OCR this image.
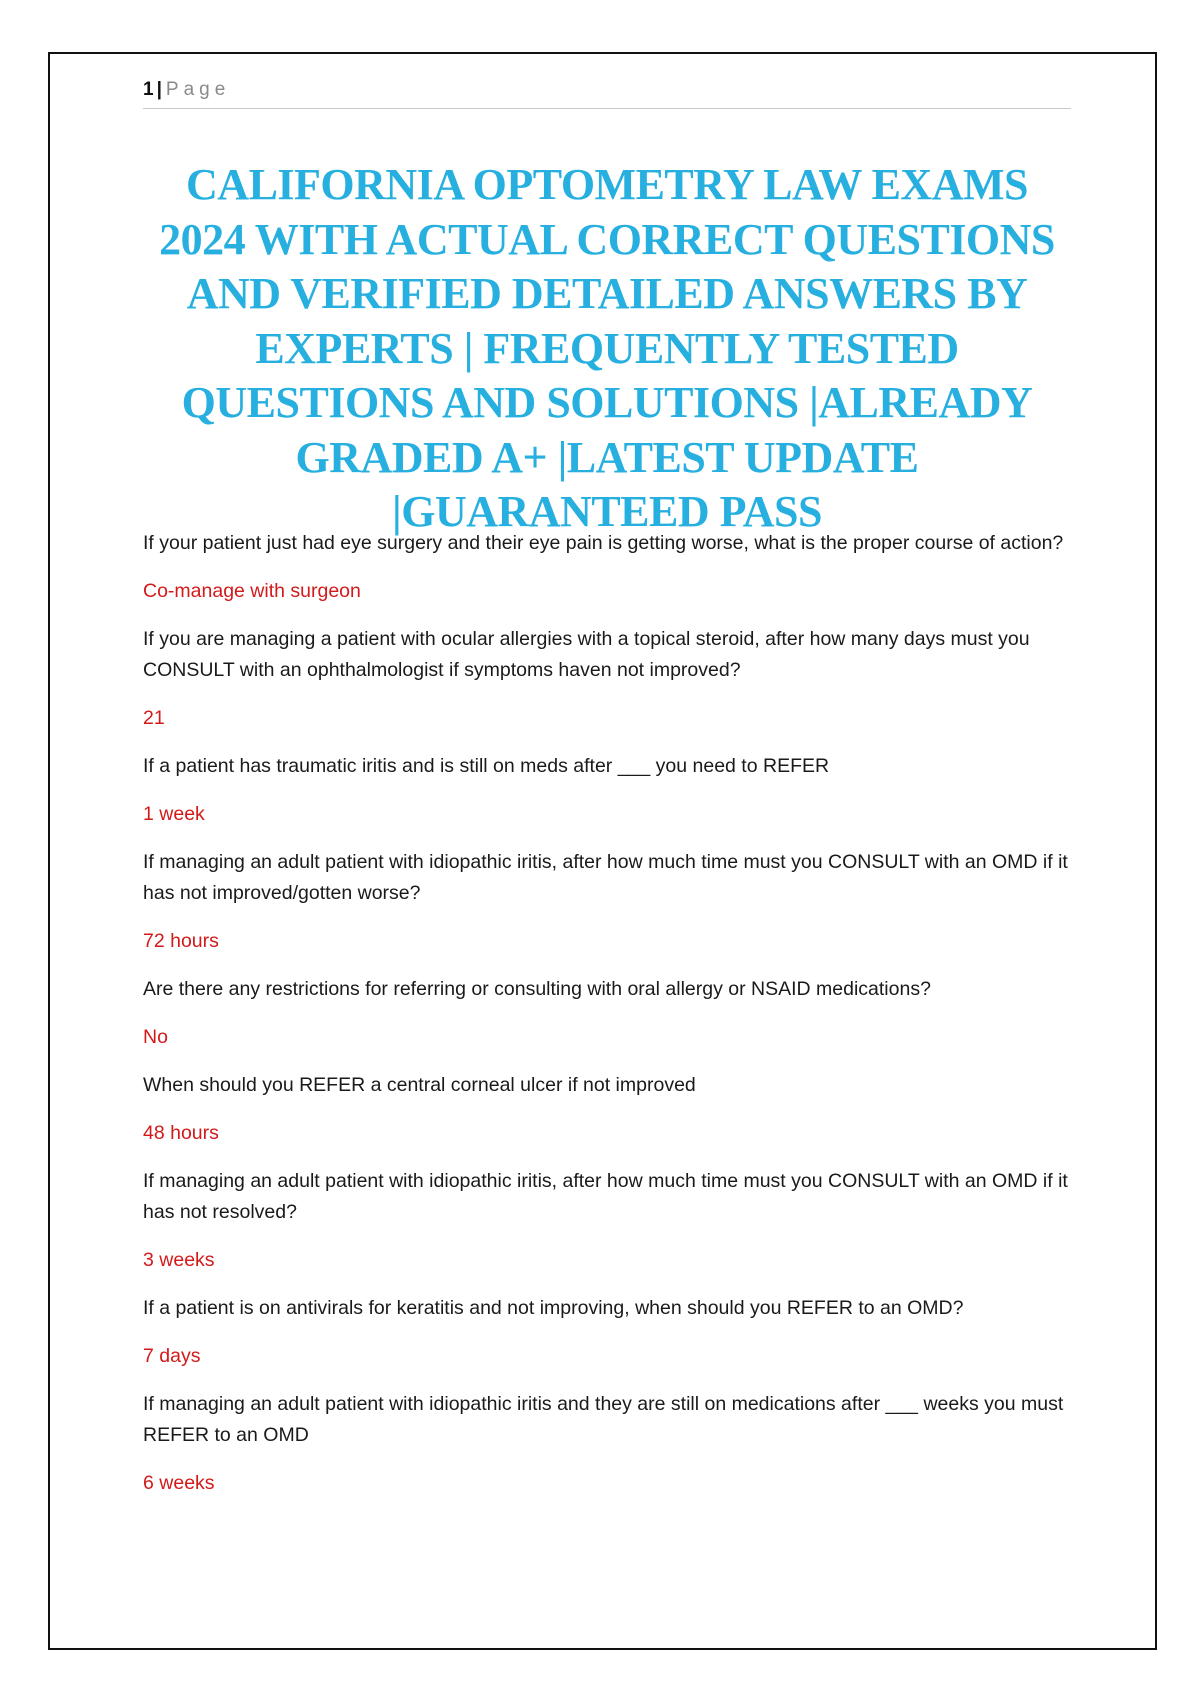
1 | Page
CALIFORNIA OPTOMETRY LAW EXAMS 2024 WITH ACTUAL CORRECT QUESTIONS AND VERIFIED DETAILED ANSWERS BY EXPERTS | FREQUENTLY TESTED QUESTIONS AND SOLUTIONS |ALREADY GRADED A+ |LATEST UPDATE |GUARANTEED PASS

If your patient just had eye surgery and their eye pain is getting worse, what is the proper course of action?

Co-manage with surgeon

If you are managing a patient with ocular allergies with a topical steroid, after how many days must you CONSULT with an ophthalmologist if symptoms haven not improved?

21

If a patient has traumatic iritis and is still on meds after ___ you need to REFER

1 week

If managing an adult patient with idiopathic iritis, after how much time must you CONSULT with an OMD if it has not improved/gotten worse?

72 hours

Are there any restrictions for referring or consulting with oral allergy or NSAID medications?

No

When should you REFER a central corneal ulcer if not improved

48 hours

If managing an adult patient with idiopathic iritis, after how much time must you CONSULT with an OMD if it has not resolved?

3 weeks

If a patient is on antivirals for keratitis and not improving, when should you REFER to an OMD?

7 days

If managing an adult patient with idiopathic iritis and they are still on medications after ___ weeks you must REFER to an OMD

6 weeks
